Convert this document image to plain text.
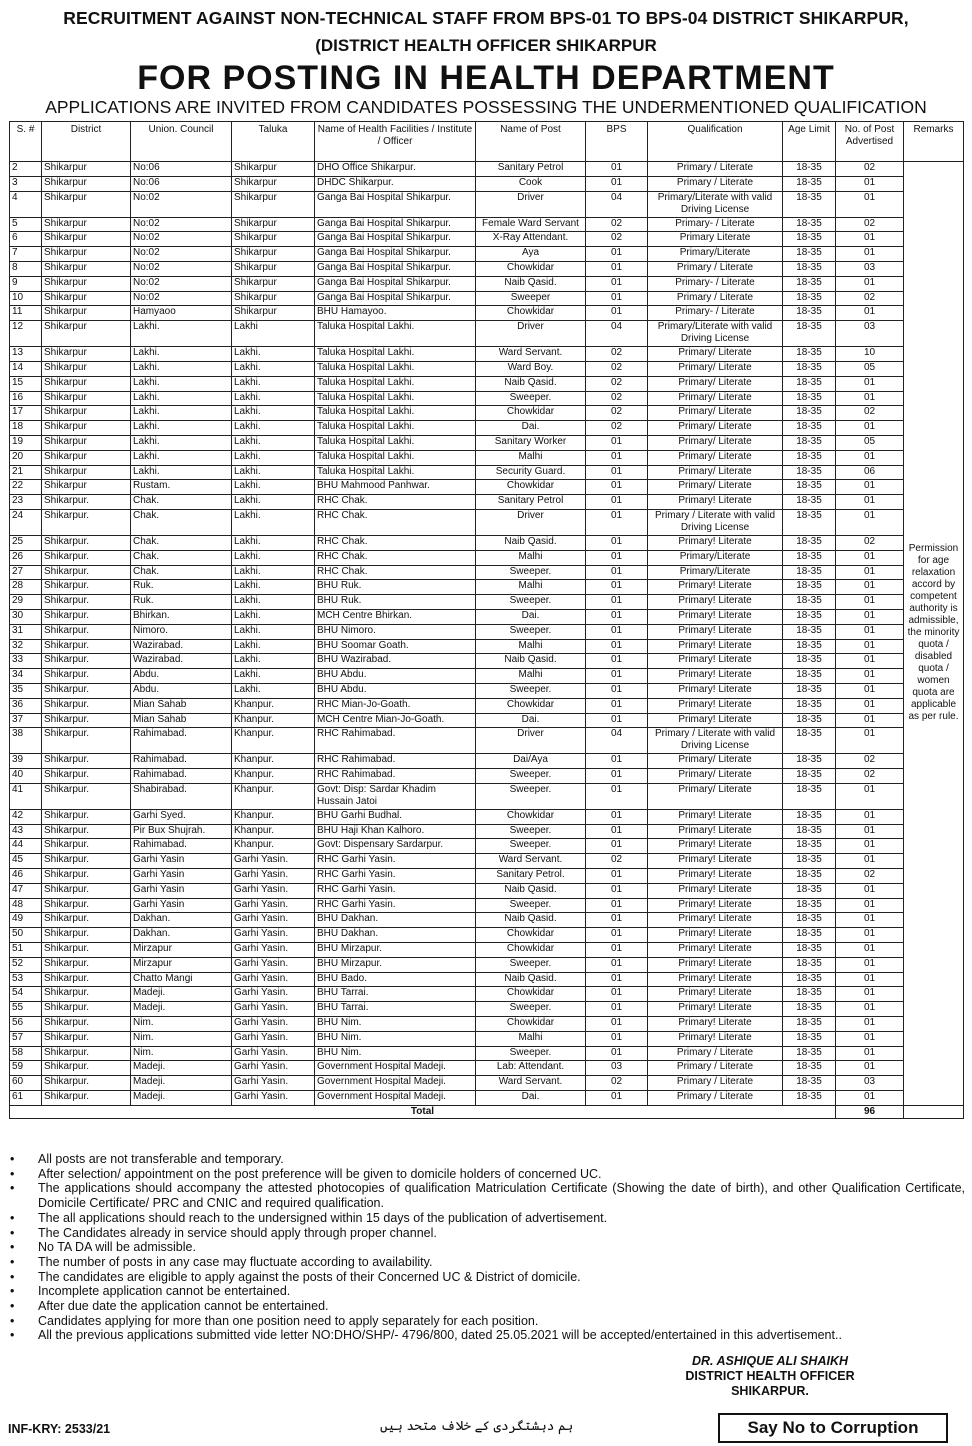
RECRUITMENT AGAINST NON-TECHNICAL STAFF FROM BPS-01 TO BPS-04 DISTRICT SHIKARPUR,
(DISTRICT HEALTH OFFICER SHIKARPUR
FOR POSTING IN HEALTH DEPARTMENT
APPLICATIONS ARE INVITED FROM CANDIDATES POSSESSING THE UNDERMENTIONED QUALIFICATION
S. #	District	Union. Council	Taluka	Name of Health Facilities / Institute / Officer	Name of Post	BPS	Qualification	Age Limit	No. of Post Advertised	Remarks
2	Shikarpur	No:06	Shikarpur	DHO Office Shikarpur.	Sanitary Petrol	01	Primary / Literate	18-35	02	Permission for age relaxation accord by competent authority is admissible, the minority quota / disabled quota / women quota are applicable as per rule.
3	Shikarpur	No:06	Shikarpur	DHDC Shikarpur.	Cook	01	Primary / Literate	18-35	01	
4	Shikarpur	No:02	Shikarpur	Ganga Bai Hospital Shikarpur.	Driver	04	Primary/Literate with valid Driving License	18-35	01	
5	Shikarpur	No:02	Shikarpur	Ganga Bai Hospital Shikarpur.	Female Ward Servant	02	Primary- / Literate	18-35	02	
6	Shikarpur	No:02	Shikarpur	Ganga Bai Hospital Shikarpur.	X-Ray Attendant.	02	Primary Literate	18-35	01	
7	Shikarpur	No:02	Shikarpur	Ganga Bai Hospital Shikarpur.	Aya	01	Primary/Literate	18-35	01	
8	Shikarpur	No:02	Shikarpur	Ganga Bai Hospital Shikarpur.	Chowkidar	01	Primary / Literate	18-35	03	
9	Shikarpur	No:02	Shikarpur	Ganga Bai Hospital Shikarpur.	Naib Qasid.	01	Primary- / Literate	18-35	01	
10	Shikarpur	No:02	Shikarpur	Ganga Bai Hospital Shikarpur.	Sweeper	01	Primary / Literate	18-35	02	
11	Shikarpur	Hamyaoo	Shikarpur	BHU Hamayoo.	Chowkidar	01	Primary- / Literate	18-35	01	
12	Shikarpur	Lakhi.	Lakhi	Taluka Hospital Lakhi.	Driver	04	Primary/Literate with valid Driving License	18-35	03	
13	Shikarpur	Lakhi.	Lakhi.	Taluka Hospital Lakhi.	Ward Servant.	02	Primary/ Literate	18-35	10	
14	Shikarpur	Lakhi.	Lakhi.	Taluka Hospital Lakhi.	Ward Boy.	02	Primary/ Literate	18-35	05	
15	Shikarpur	Lakhi.	Lakhi.	Taluka Hospital Lakhi.	Naib Qasid.	02	Primary/ Literate	18-35	01	
16	Shikarpur	Lakhi.	Lakhi.	Taluka Hospital Lakhi.	Sweeper.	02	Primary/ Literate	18-35	01	
17	Shikarpur	Lakhi.	Lakhi.	Taluka Hospital Lakhi.	Chowkidar	02	Primary/ Literate	18-35	02	
18	Shikarpur	Lakhi.	Lakhi.	Taluka Hospital Lakhi.	Dai.	02	Primary/ Literate	18-35	01	
19	Shikarpur	Lakhi.	Lakhi.	Taluka Hospital Lakhi.	Sanitary Worker	01	Primary/ Literate	18-35	05	
20	Shikarpur	Lakhi.	Lakhi.	Taluka Hospital Lakhi.	Malhi	01	Primary/ Literate	18-35	01	
21	Shikarpur	Lakhi.	Lakhi.	Taluka Hospital Lakhi.	Security Guard.	01	Primary/ Literate	18-35	06	
22	Shikarpur	Rustam.	Lakhi.	BHU Mahmood Panhwar.	Chowkidar	01	Primary/ Literate	18-35	01	
23	Shikarpur.	Chak.	Lakhi.	RHC Chak.	Sanitary Petrol	01	Primary! Literate	18-35	01	
24	Shikarpur.	Chak.	Lakhi.	RHC Chak.	Driver	01	Primary / Literate with valid Driving License	18-35	01	
25	Shikarpur.	Chak.	Lakhi.	RHC Chak.	Naib Qasid.	01	Primary! Literate	18-35	02	
26	Shikarpur.	Chak.	Lakhi.	RHC Chak.	Malhi	01	Primary/Literate	18-35	01	
27	Shikarpur.	Chak.	Lakhi.	RHC Chak.	Sweeper.	01	Primary/Literate	18-35	01	
28	Shikarpur.	Ruk.	Lakhi.	BHU Ruk.	Malhi	01	Primary! Literate	18-35	01	
29	Shikarpur.	Ruk.	Lakhi.	BHU Ruk.	Sweeper.	01	Primary! Literate	18-35	01	
30	Shikarpur.	Bhirkan.	Lakhi.	MCH Centre Bhirkan.	Dai.	01	Primary! Literate	18-35	01	
31	Shikarpur.	Nimoro.	Lakhi.	BHU Nimoro.	Sweeper.	01	Primary! Literate	18-35	01	
32	Shikarpur.	Wazirabad.	Lakhi.	BHU Soomar Goath.	Malhi	01	Primary! Literate	18-35	01	
33	Shikarpur.	Wazirabad.	Lakhi.	BHU Wazirabad.	Naib Qasid.	01	Primary! Literate	18-35	01	
34	Shikarpur.	Abdu.	Lakhi.	BHU Abdu.	Malhi	01	Primary! Literate	18-35	01	
35	Shikarpur.	Abdu.	Lakhi.	BHU Abdu.	Sweeper.	01	Primary! Literate	18-35	01	
36	Shikarpur.	Mian Sahab	Khanpur.	RHC Mian-Jo-Goath.	Chowkidar	01	Primary! Literate	18-35	01	
37	Shikarpur.	Mian Sahab	Khanpur.	MCH Centre Mian-Jo-Goath.	Dai.	01	Primary! Literate	18-35	01	
38	Shikarpur.	Rahimabad.	Khanpur.	RHC Rahimabad.	Driver	04	Primary / Literate with valid Driving License	18-35	01	
39	Shikarpur.	Rahimabad.	Khanpur.	RHC Rahimabad.	Dai/Aya	01	Primary/ Literate	18-35	02	
40	Shikarpur.	Rahimabad.	Khanpur.	RHC Rahimabad.	Sweeper.	01	Primary/ Literate	18-35	02	
41	Shikarpur.	Shabirabad.	Khanpur.	Govt: Disp: Sardar Khadim Hussain Jatoi	Sweeper.	01	Primary/ Literate	18-35	01	
42	Shikarpur.	Garhi Syed.	Khanpur.	BHU Garhi Budhal.	Chowkidar	01	Primary! Literate	18-35	01	
43	Shikarpur.	Pir Bux Shujrah.	Khanpur.	BHU Haji Khan Kalhoro.	Sweeper.	01	Primary! Literate	18-35	01	
44	Shikarpur.	Rahimabad.	Khanpur.	Govt: Dispensary Sardarpur.	Sweeper.	01	Primary! Literate	18-35	01	
45	Shikarpur.	Garhi Yasin	Garhi Yasin.	RHC Garhi Yasin.	Ward Servant.	02	Primary! Literate	18-35	01	
46	Shikarpur.	Garhi Yasin	Garhi Yasin.	RHC Garhi Yasin.	Sanitary Petrol.	01	Primary! Literate	18-35	02	
47	Shikarpur.	Garhi Yasin	Garhi Yasin.	RHC Garhi Yasin.	Naib Qasid.	01	Primary! Literate	18-35	01	
48	Shikarpur.	Garhi Yasin	Garhi Yasin.	RHC Garhi Yasin.	Sweeper.	01	Primary! Literate	18-35	01	
49	Shikarpur.	Dakhan.	Garhi Yasin.	BHU Dakhan.	Naib Qasid.	01	Primary! Literate	18-35	01	
50	Shikarpur.	Dakhan.	Garhi Yasin.	BHU Dakhan.	Chowkidar	01	Primary! Literate	18-35	01	
51	Shikarpur.	Mirzapur	Garhi Yasin.	BHU Mirzapur.	Chowkidar	01	Primary! Literate	18-35	01	
52	Shikarpur.	Mirzapur	Garhi Yasin.	BHU Mirzapur.	Sweeper.	01	Primary! Literate	18-35	01	
53	Shikarpur.	Chatto Mangi	Garhi Yasin.	BHU Bado.	Naib Qasid.	01	Primary! Literate	18-35	01	
54	Shikarpur.	Madeji.	Garhi Yasin.	BHU Tarrai.	Chowkidar	01	Primary! Literate	18-35	01	
55	Shikarpur.	Madeji.	Garhi Yasin.	BHU Tarrai.	Sweeper.	01	Primary! Literate	18-35	01	
56	Shikarpur.	Nim.	Garhi Yasin.	BHU Nim.	Chowkidar	01	Primary! Literate	18-35	01	
57	Shikarpur.	Nim.	Garhi Yasin.	BHU Nim.	Malhi	01	Primary! Literate	18-35	01	
58	Shikarpur.	Nim.	Garhi Yasin.	BHU Nim.	Sweeper.	01	Primary / Literate	18-35	01	
59	Shikarpur.	Madeji.	Garhi Yasin.	Government Hospital Madeji.	Lab: Attendant.	03	Primary / Literate	18-35	01	
60	Shikarpur.	Madeji.	Garhi Yasin.	Government Hospital Madeji.	Ward Servant.	02	Primary / Literate	18-35	03	
61	Shikarpur.	Madeji.	Garhi Yasin.	Government Hospital Madeji.	Dai.	01	Primary / Literate	18-35	01	
Total									96	
• All posts are not transferable and temporary.
• After selection/ appointment on the post preference will be given to domicile holders of concerned UC.
• The applications should accompany the attested photocopies of qualification Matriculation Certificate (Showing the date of birth), and other Qualification Certificate, Domicile Certificate/ PRC and CNIC and required qualification.
• The all applications should reach to the undersigned within 15 days of the publication of advertisement.
• The Candidates already in service should apply through proper channel.
• No TA DA will be admissible.
• The number of posts in any case may fluctuate according to availability.
• The candidates are eligible to apply against the posts of their Concerned UC & District of domicile.
• Incomplete application cannot be entertained.
• After due date the application cannot be entertained.
• Candidates applying for more than one position need to apply separately for each position.
• All the previous applications submitted vide letter NO:DHO/SHP/- 4796/800, dated 25.05.2021 will be accepted/entertained in this advertisement..
DR. ASHIQUE ALI SHAIKH
DISTRICT HEALTH OFFICER
SHIKARPUR.
INF-KRY: 2533/21	ہم دہشتگردی کے خلاف متحد ہیں	Say No to Corruption
